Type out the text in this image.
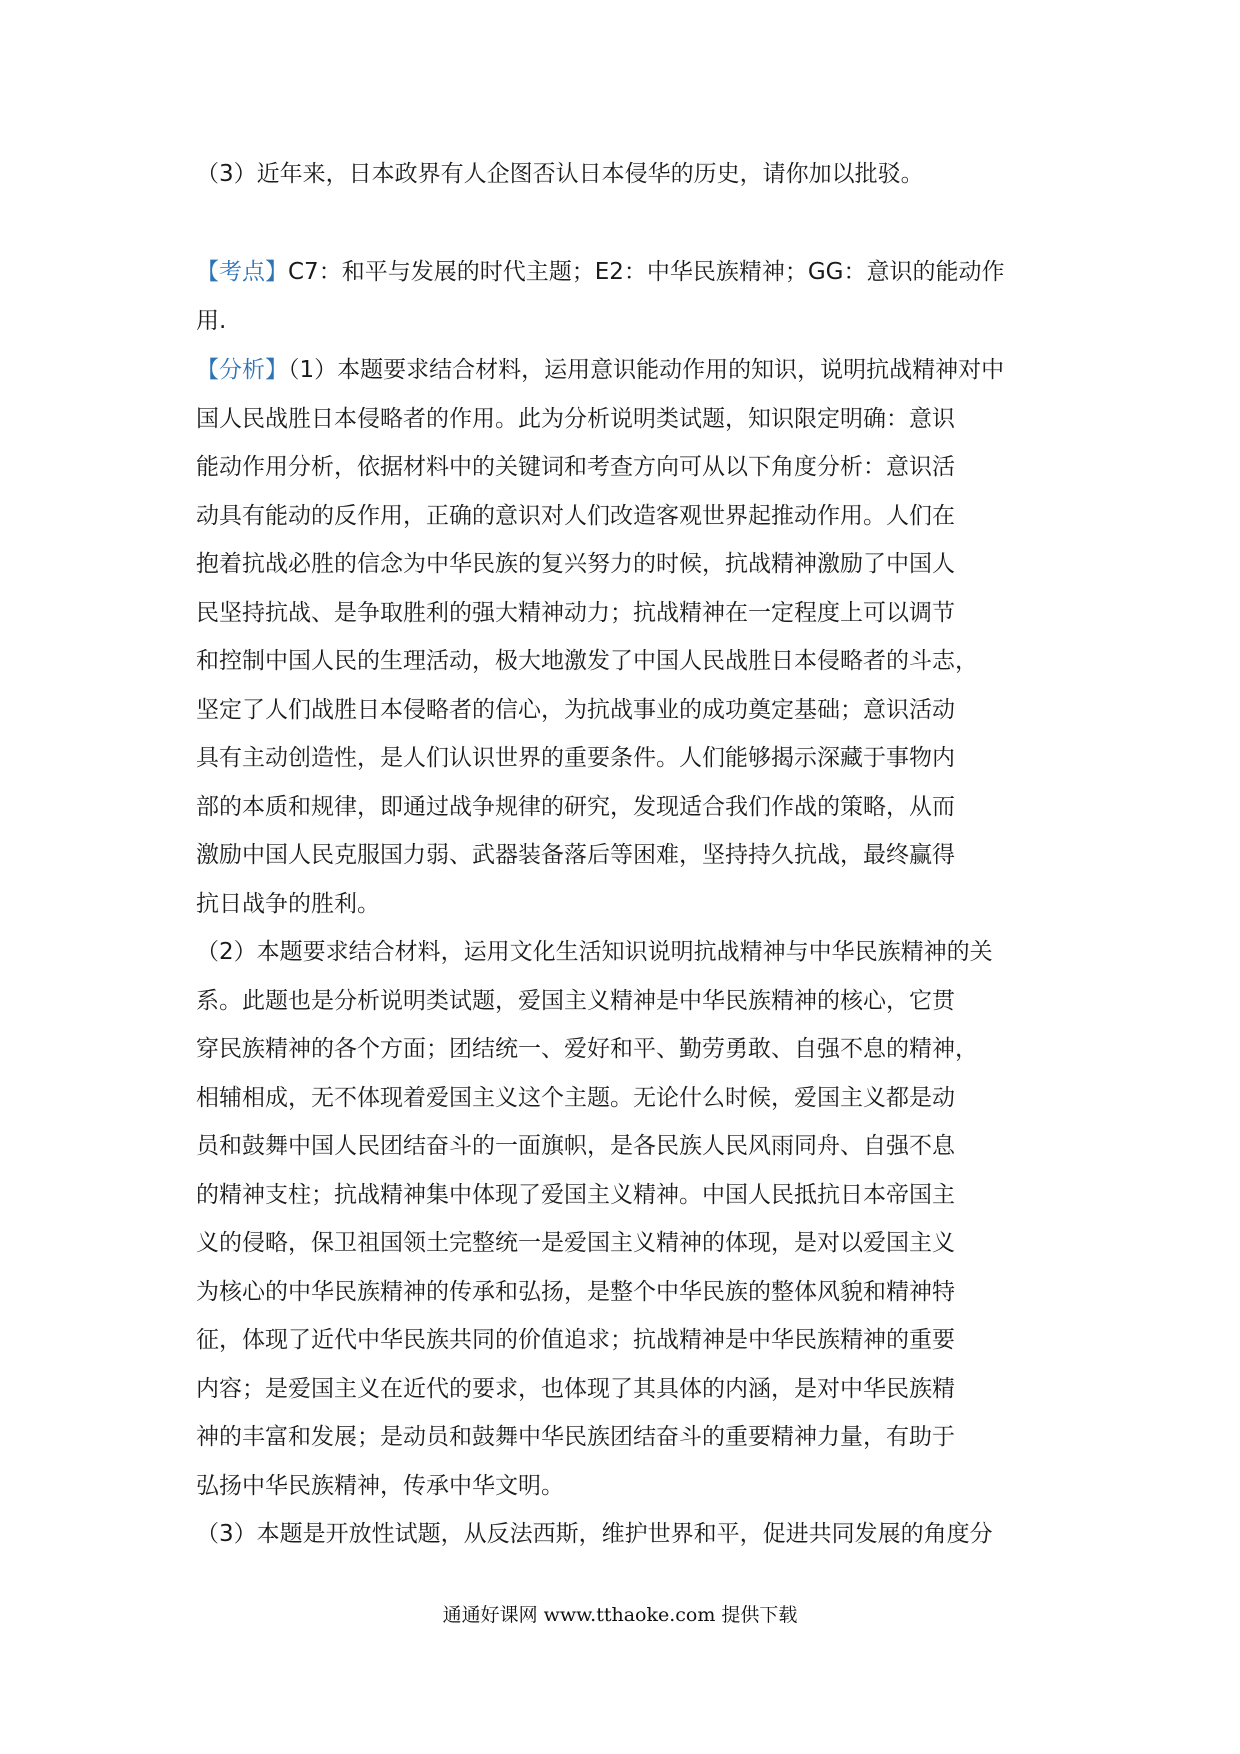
（3）近年来，日本政界有人企图否认日本侵华的历史，请你加以批驳。
【考点】C7：和平与发展的时代主题；E2：中华民族精神；GG：意识的能动作
用.
【分析】（1）本题要求结合材料，运用意识能动作用的知识，说明抗战精神对中
国人民战胜日本侵略者的作用。此为分析说明类试题，知识限定明确：意识
能动作用分析，依据材料中的关键词和考查方向可从以下角度分析：意识活
动具有能动的反作用，正确的意识对人们改造客观世界起推动作用。人们在
抱着抗战必胜的信念为中华民族的复兴努力的时候，抗战精神激励了中国人
民坚持抗战、是争取胜利的强大精神动力；抗战精神在一定程度上可以调节
和控制中国人民的生理活动，极大地激发了中国人民战胜日本侵略者的斗志，
坚定了人们战胜日本侵略者的信心，为抗战事业的成功奠定基础；意识活动
具有主动创造性，是人们认识世界的重要条件。人们能够揭示深藏于事物内
部的本质和规律，即通过战争规律的研究，发现适合我们作战的策略，从而
激励中国人民克服国力弱、武器装备落后等困难，坚持持久抗战，最终赢得
抗日战争的胜利。
（2）本题要求结合材料，运用文化生活知识说明抗战精神与中华民族精神的关
系。此题也是分析说明类试题，爱国主义精神是中华民族精神的核心，它贯
穿民族精神的各个方面；团结统一、爱好和平、勤劳勇敢、自强不息的精神，
相辅相成，无不体现着爱国主义这个主题。无论什么时候，爱国主义都是动
员和鼓舞中国人民团结奋斗的一面旗帜，是各民族人民风雨同舟、自强不息
的精神支柱；抗战精神集中体现了爱国主义精神。中国人民抵抗日本帝国主
义的侵略，保卫祖国领土完整统一是爱国主义精神的体现，是对以爱国主义
为核心的中华民族精神的传承和弘扬，是整个中华民族的整体风貌和精神特
征，体现了近代中华民族共同的价值追求；抗战精神是中华民族精神的重要
内容；是爱国主义在近代的要求，也体现了其具体的内涵，是对中华民族精
神的丰富和发展；是动员和鼓舞中华民族团结奋斗的重要精神力量，有助于
弘扬中华民族精神，传承中华文明。
（3）本题是开放性试题，从反法西斯，维护世界和平，促进共同发展的角度分
通通好课网 www.tthaoke.com 提供下载
